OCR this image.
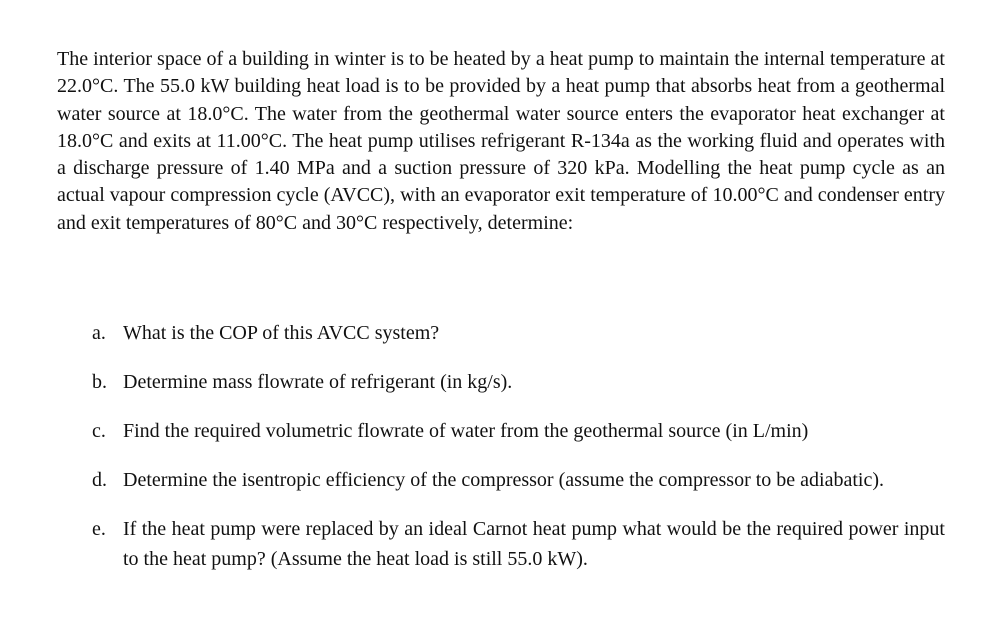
The interior space of a building in winter is to be heated by a heat pump to maintain the internal temperature at 22.0°C. The 55.0 kW building heat load is to be provided by a heat pump that absorbs heat from a geothermal water source at 18.0°C. The water from the geothermal water source enters the evaporator heat exchanger at 18.0°C and exits at 11.00°C. The heat pump utilises refrigerant R-134a as the working fluid and operates with a discharge pressure of 1.40 MPa and a suction pressure of 320 kPa. Modelling the heat pump cycle as an actual vapour compression cycle (AVCC), with an evaporator exit temperature of 10.00°C and condenser entry and exit temperatures of 80°C and 30°C respectively, determine:

a. What is the COP of this AVCC system?
b. Determine mass flowrate of refrigerant (in kg/s).
c. Find the required volumetric flowrate of water from the geothermal source (in L/min)
d. Determine the isentropic efficiency of the compressor (assume the compressor to be adiabatic).
e. If the heat pump were replaced by an ideal Carnot heat pump what would be the required power input to the heat pump? (Assume the heat load is still 55.0 kW).
